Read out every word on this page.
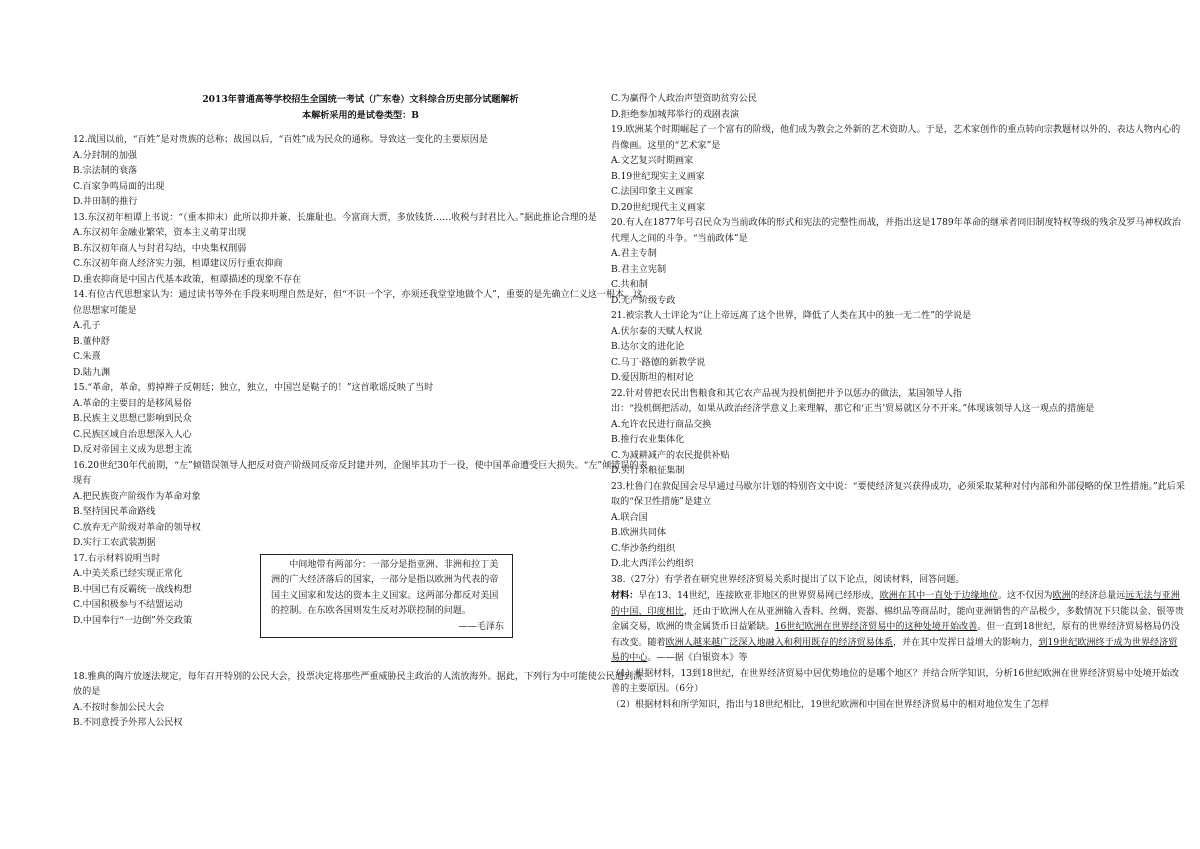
2013年普通高等学校招生全国统一考试（广东卷）文科综合历史部分试题解析
本解析采用的是试卷类型：B

12.战国以前，“百姓”是对贵族的总称；战国以后，“百姓”成为民众的通称。导致这一变化的主要原因是

A.分封制的加强

B.宗法制的衰落

C.百家争鸣局面的出现

D.井田制的推行

13.东汉初年桓谭上书说：“（重本抑末）此所以抑并兼、长廉耻也。今富商大贾，多放钱货……收税与封君比入。”据此推论合理的是

A.东汉初年金融业繁荣，资本主义萌芽出现

B.东汉初年商人与封君勾结，中央集权削弱

C.东汉初年商人经济实力强，桓谭建议厉行重农抑商

D.重农抑商是中国古代基本政策，桓谭描述的现象不存在

14.有位古代思想家认为：通过读书等外在手段来明理自然是好，但“不识一个字，亦须还我堂堂地做个人”，重要的是先确立仁义这一根本。这位思想家可能是

A.孔子

B.董仲舒

C.朱熹

D.陆九渊

15.“革命，革命，剪掉辫子反朝廷；独立，独立，中国岂是鞑子的！”这首歌谣反映了当时

A.革命的主要目的是移风易俗

B.民族主义思想已影响到民众

C.民族区域自治思想深入人心

D.反对帝国主义成为思想主流

16.20世纪30年代前期，“左”倾错误领导人把反对资产阶级同反帝反封建并列，企图毕其功于一役，使中国革命遭受巨大损失。“左”倾错误的表现有

A.把民族资产阶级作为革命对象

B.坚持国民革命路线

C.放弃无产阶级对革命的领导权

D.实行工农武装割据

17.右示材料说明当时

A.中美关系已经实现正常化

B.中国已有反霸统一战线构想

C.中国积极参与不结盟运动

D.中国奉行“一边倒”外交政策

中间地带有两部分：一部分是指亚洲、非洲和拉丁美洲的广大经济落后的国家，一部分是指以欧洲为代表的帝国主义国家和发达的资本主义国家。这两部分都反对美国的控制。在东欧各国则发生反对苏联控制的问题。
——毛泽东

18.雅典的陶片放逐法规定，每年召开特别的公民大会，投票决定将那些严重威胁民主政治的人流放海外。据此，下列行为中可能使公民遭到流放的是

A.不按时参加公民大会

B.不同意授予外邦人公民权

C.为赢得个人政治声望资助贫穷公民

D.拒绝参加城邦举行的戏剧表演

19.欧洲某个时期崛起了一个富有的阶级，他们成为教会之外新的艺术资助人。于是，艺术家创作的重点转向宗教题材以外的、表达人物内心的肖像画。这里的“艺术家”是

A.文艺复兴时期画家

B.19世纪现实主义画家

C.法国印象主义画家

D.20世纪现代主义画家

20.有人在1877年号召民众为当前政体的形式和宪法的完整性而战，并指出这是1789年革命的继承者同旧制度特权等级的残余及罗马神权政治代理人之间的斗争。“当前政体”是

A.君主专制

B.君主立宪制

C.共和制

D.无产阶级专政

21.被宗教人士评论为“让上帝远离了这个世界，降低了人类在其中的独一无二性”的学说是

A.伏尔泰的天赋人权说

B.达尔文的进化论

C.马丁·路德的新教学说

D.爱因斯坦的相对论

22.针对曾把农民出售粮食和其它农产品视为投机倒把并予以惩办的做法，某国领导人指

出：“投机倒把活动，如果从政治经济学意义上来理解，那它和‘正当’贸易就区分不开来。”体现该领导人这一观点的措施是

A.允许农民进行商品交换

B.推行农业集体化

C.为减耕减产的农民提供补贴

D.实行余粮征集制

23.杜鲁门在敦促国会尽早通过马歇尔计划的特别咨文中说：“要使经济复兴获得成功，必须采取某种对付内部和外部侵略的保卫性措施。”此后采取的“保卫性措施”是建立

A.联合国

B.欧洲共同体

C.华沙条约组织

D.北大西洋公约组织

38.（27分）有学者在研究世界经济贸易关系时提出了以下论点，阅读材料，回答问题。

材料：早在13、14世纪，连接欧亚非地区的世界贸易网已经形成，欧洲在其中一直处于边缘地位。这不仅因为欧洲的经济总量远远无法与亚洲的中国、印度相比，还由于欧洲人在从亚洲输入香料、丝绸、瓷器、棉织品等商品时，能向亚洲销售的产品极少，多数情况下只能以金、银等贵金属交易，欧洲的贵金属货币日益紧缺。16世纪欧洲在世界经济贸易中的这种处境开始改善。但一直到18世纪，原有的世界经济贸易格局仍没有改变。随着欧洲人越来越广泛深入地融入和利用既存的经济贸易体系，并在其中发挥日益增大的影响力，到19世纪欧洲终于成为世界经济贸易的中心。——据《白银资本》等

（1）根据材料，13到18世纪，在世界经济贸易中居优势地位的是哪个地区？并结合所学知识，分析16世纪欧洲在世界经济贸易中处境开始改善的主要原因。（6分）

（2）根据材料和所学知识，指出与18世纪相比，19世纪欧洲和中国在世界经济贸易中的相对地位发生了怎样
